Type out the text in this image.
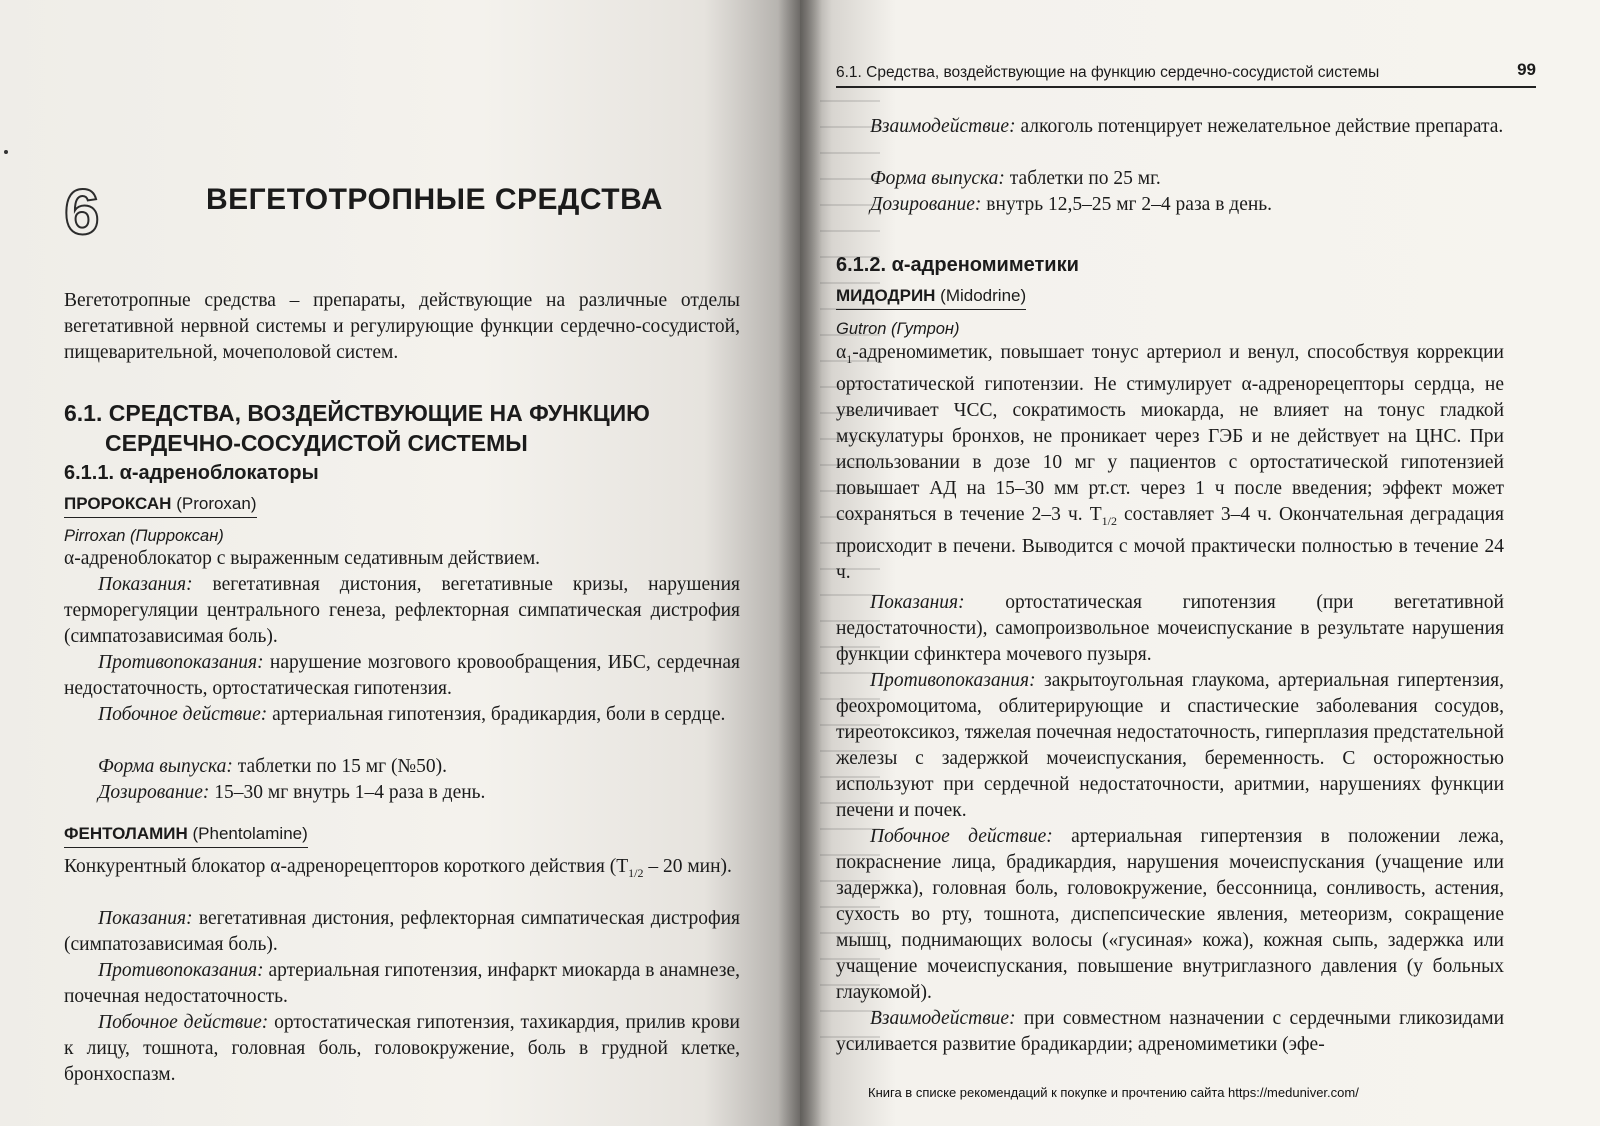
6	ВЕГЕТОТРОПНЫЕ СРЕДСТВА
Вегетотропные средства – препараты, действующие на различные отделы вегетативной нервной системы и регулирующие функции сердечно-сосудистой, пищеварительной, мочеполовой систем.
6.1. СРЕДСТВА, ВОЗДЕЙСТВУЮЩИЕ НА ФУНКЦИЮ
СЕРДЕЧНО-СОСУДИСТОЙ СИСТЕМЫ
6.1.1. α-адреноблокаторы
ПРОРОКСАН (Proroxan)
Pirroxan (Пирроксан)
α-адреноблокатор с выраженным седативным действием.
Показания: вегетативная дистония, вегетативные кризы, нарушения терморегуляции центрального генеза, рефлекторная симпатическая дистрофия (симпатозависимая боль).
Противопоказания: нарушение мозгового кровообращения, ИБС, сердечная недостаточность, ортостатическая гипотензия.
Побочное действие: артериальная гипотензия, брадикардия, боли в сердце.
Форма выпуска: таблетки по 15 мг (№50).
Дозирование: 15–30 мг внутрь 1–4 раза в день.
ФЕНТОЛАМИН (Phentolamine)
Конкурентный блокатор α-адренорецепторов короткого действия ($T_{1/2} - 20$ мин).
Показания: вегетативная дистония, рефлекторная симпатическая дистрофия (симпатозависимая боль).
Противопоказания: артериальная гипотензия, инфаркт миокарда в анамнезе, почечная недостаточность.
Побочное действие: ортостатическая гипотензия, тахикардия, прилив крови к лицу, тошнота, головная боль, головокружение, боль в грудной клетке, бронхоспазм.
6.1. Средства, воздействующие на функцию сердечно-сосудистой системы	99
Взаимодействие: алкоголь потенцирует нежелательное действие препарата.
Форма выпуска: таблетки по 25 мг.
Дозирование: внутрь 12,5–25 мг 2–4 раза в день.
6.1.2. α-адреномиметики
МИДОДРИН (Midodrine)
Gutron (Гутрон)
$\alpha_1$-адреномиметик, повышает тонус артериол и венул, способствуя коррекции ортостатической гипотензии. Не стимулирует α-адренорецепторы сердца, не увеличивает ЧСС, сократимость миокарда, не влияет на тонус гладкой мускулатуры бронхов, не проникает через ГЭБ и не действует на ЦНС. При использовании в дозе 10 мг у пациентов с ортостатической гипотензией повышает АД на 15–30 мм рт.ст. через 1 ч после введения; эффект может сохраняться в течение 2–3 ч. $T_{1/2}$ составляет 3–4 ч. Окончательная деградация происходит в печени. Выводится с мочой практически полностью в течение 24 ч.
Показания: ортостатическая гипотензия (при вегетативной недостаточности), самопроизвольное мочеиспускание в результате нарушения функции сфинктера мочевого пузыря.
Противопоказания: закрытоугольная глаукома, артериальная гипертензия, феохромоцитома, облитерирующие и спастические заболевания сосудов, тиреотоксикоз, тяжелая почечная недостаточность, гиперплазия предстательной железы с задержкой мочеиспускания, беременность. С осторожностью используют при сердечной недостаточности, аритмии, нарушениях функции печени и почек.
Побочное действие: артериальная гипертензия в положении лежа, покраснение лица, брадикардия, нарушения мочеиспускания (учащение или задержка), головная боль, головокружение, бессонница, сонливость, астения, сухость во рту, тошнота, диспепсические явления, метеоризм, сокращение мышц, поднимающих волосы («гусиная» кожа), кожная сыпь, задержка или учащение мочеиспускания, повышение внутриглазного давления (у больных глаукомой).
Взаимодействие: при совместном назначении с сердечными гликозидами усиливается развитие брадикардии; адреномиметики (эфе-
Книга в списке рекомендаций к покупке и прочтению сайта https://meduniver.com/
